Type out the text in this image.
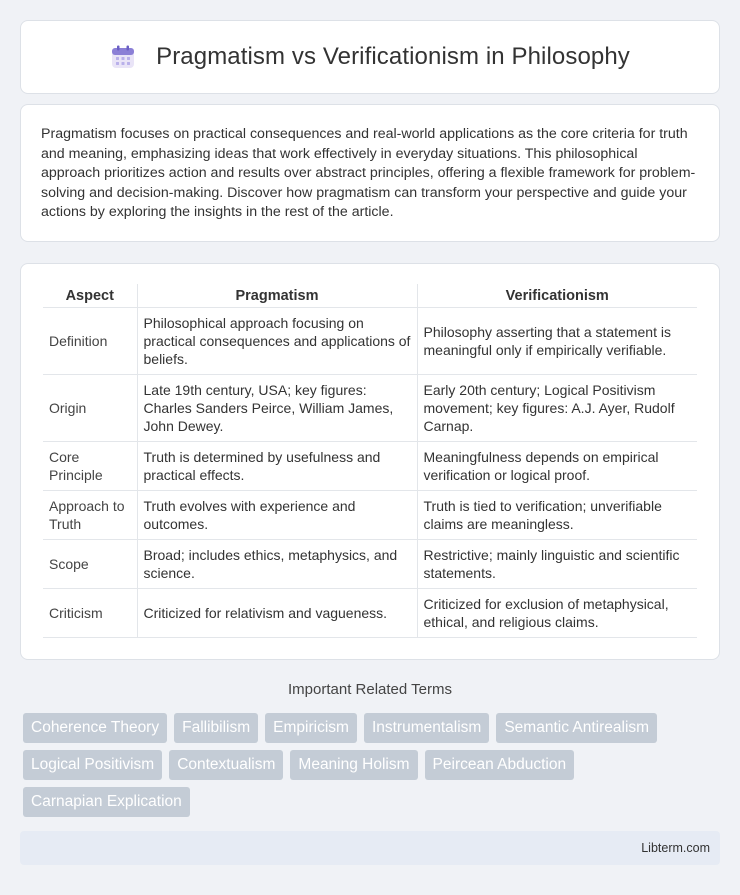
Pragmatism vs Verificationism in Philosophy

Pragmatism focuses on practical consequences and real-world applications as the core criteria for truth and meaning, emphasizing ideas that work effectively in everyday situations. This philosophical approach prioritizes action and results over abstract principles, offering a flexible framework for problem-solving and decision-making. Discover how pragmatism can transform your perspective and guide your actions by exploring the insights in the rest of the article.

Aspect	Pragmatism	Verificationism
Definition	Philosophical approach focusing on practical consequences and applications of beliefs.	Philosophy asserting that a statement is meaningful only if empirically verifiable.
Origin	Late 19th century, USA; key figures: Charles Sanders Peirce, William James, John Dewey.	Early 20th century; Logical Positivism movement; key figures: A.J. Ayer, Rudolf Carnap.
Core Principle	Truth is determined by usefulness and practical effects.	Meaningfulness depends on empirical verification or logical proof.
Approach to Truth	Truth evolves with experience and outcomes.	Truth is tied to verification; unverifiable claims are meaningless.
Scope	Broad; includes ethics, metaphysics, and science.	Restrictive; mainly linguistic and scientific statements.
Criticism	Criticized for relativism and vagueness.	Criticized for exclusion of metaphysical, ethical, and religious claims.
Important Related Terms
Coherence Theory	Fallibilism	Empiricism	Instrumentalism	Semantic Antirealism
Logical Positivism	Contextualism	Meaning Holism	Peircean Abduction
Carnapian Explication
Libterm.com
